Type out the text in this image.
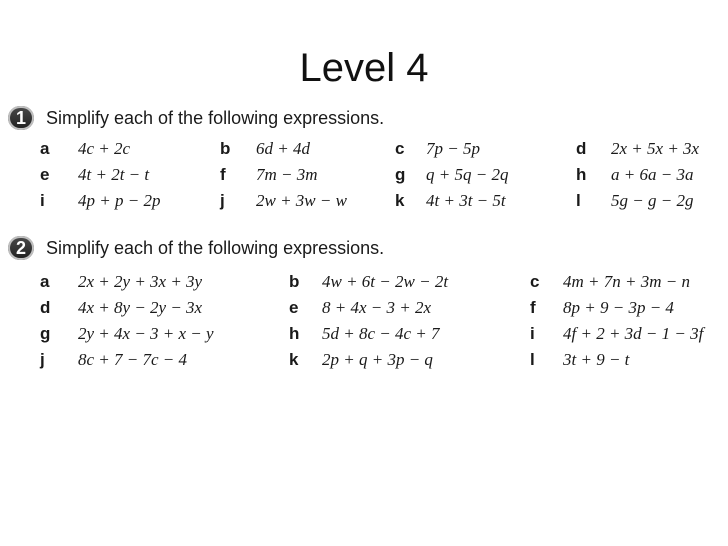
Level 4
1	Simplify each of the following expressions.
a 4c + 2c	b 6d + 4d	c 7p − 5p	d 2x + 5x + 3x
e 4t + 2t − t	f 7m − 3m	g q + 5q − 2q	h a + 6a − 3a
i 4p + p − 2p	j 2w + 3w − w	k 4t + 3t − 5t	l 5g − g − 2g
2	Simplify each of the following expressions.
a 2x + 2y + 3x + 3y	b 4w + 6t − 2w − 2t	c 4m + 7n + 3m − n
d 4x + 8y − 2y − 3x	e 8 + 4x − 3 + 2x	f 8p + 9 − 3p − 4
g 2y + 4x − 3 + x − y	h 5d + 8c − 4c + 7	i 4f + 2 + 3d − 1 − 3f
j 8c + 7 − 7c − 4	k 2p + q + 3p − q	l 3t + 9 − t
